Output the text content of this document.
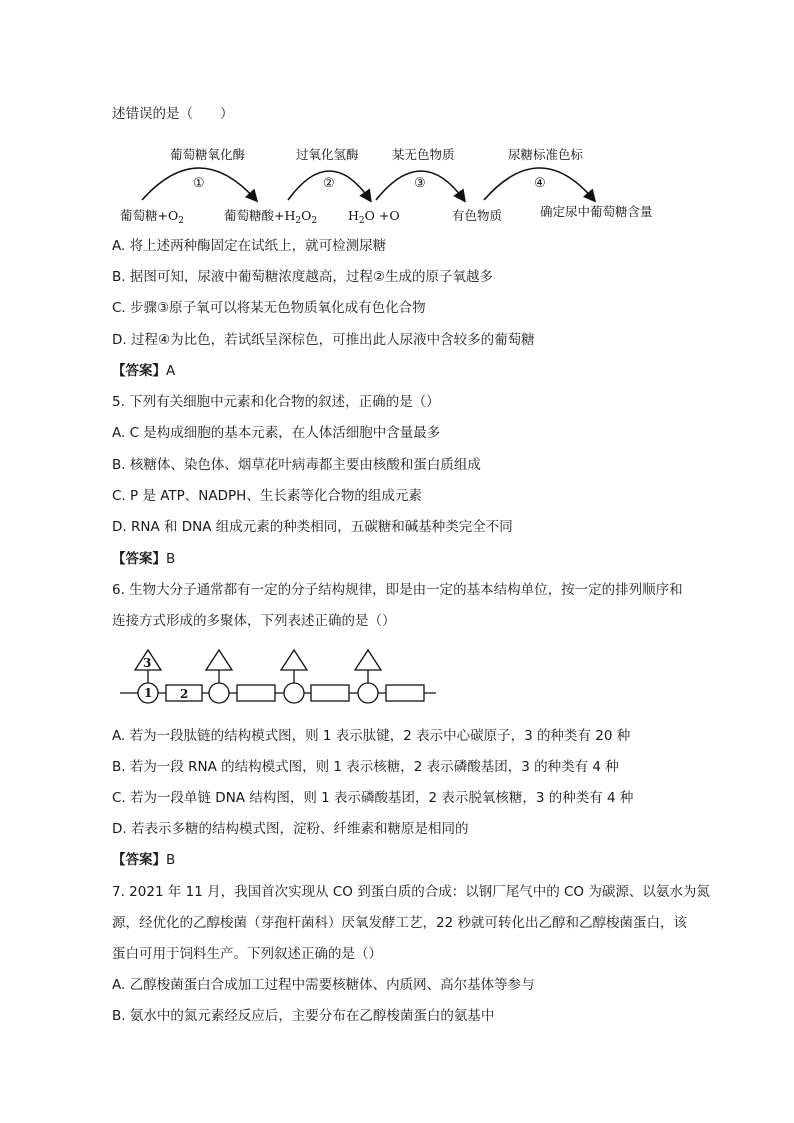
述错误的是（　　）
葡萄糖氧化酶	过氧化氢酶	某无色物质	尿糖标准色标
①	②	③	④
葡萄糖$+O_2$	葡萄糖酸$+H_2O_2$ $H_2O +O$	有色物质	确定尿中葡萄糖含量
A. 将上述两种酶固定在试纸上，就可检测尿糖
B. 据图可知，尿液中葡萄糖浓度越高，过程②生成的原子氧越多
C. 步骤③原子氧可以将某无色物质氧化成有色化合物
D. 过程④为比色，若试纸呈深棕色，可推出此人尿液中含较多的葡萄糖
【答案】A
5. 下列有关细胞中元素和化合物的叙述，正确的是（）
A. C 是构成细胞的基本元素，在人体活细胞中含量最多
B. 核糖体、染色体、烟草花叶病毒都主要由核酸和蛋白质组成
C. P 是 ATP、NADPH、生长素等化合物的组成元素
D. RNA 和 DNA 组成元素的种类相同，五碳糖和碱基种类完全不同
【答案】B
6. 生物大分子通常都有一定的分子结构规律，即是由一定的基本结构单位，按一定的排列顺序和
连接方式形成的多聚体，下列表述正确的是（）
3
1 2
A. 若为一段肽链的结构模式图，则 1 表示肽键，2 表示中心碳原子，3 的种类有 20 种
B. 若为一段 RNA 的结构模式图，则 1 表示核糖，2 表示磷酸基团，3 的种类有 4 种
C. 若为一段单链 DNA 结构图，则 1 表示磷酸基团，2 表示脱氧核糖，3 的种类有 4 种
D. 若表示多糖的结构模式图，淀粉、纤维素和糖原是相同的
【答案】B
7. 2021 年 11 月，我国首次实现从 CO 到蛋白质的合成：以钢厂尾气中的 CO 为碳源、以氨水为氮
源，经优化的乙醇梭菌（芽孢杆菌科）厌氧发酵工艺，22 秒就可转化出乙醇和乙醇梭菌蛋白，该
蛋白可用于饲料生产。下列叙述正确的是（）
A. 乙醇梭菌蛋白合成加工过程中需要核糖体、内质网、高尔基体等参与
B. 氨水中的氮元素经反应后，主要分布在乙醇梭菌蛋白的氨基中
